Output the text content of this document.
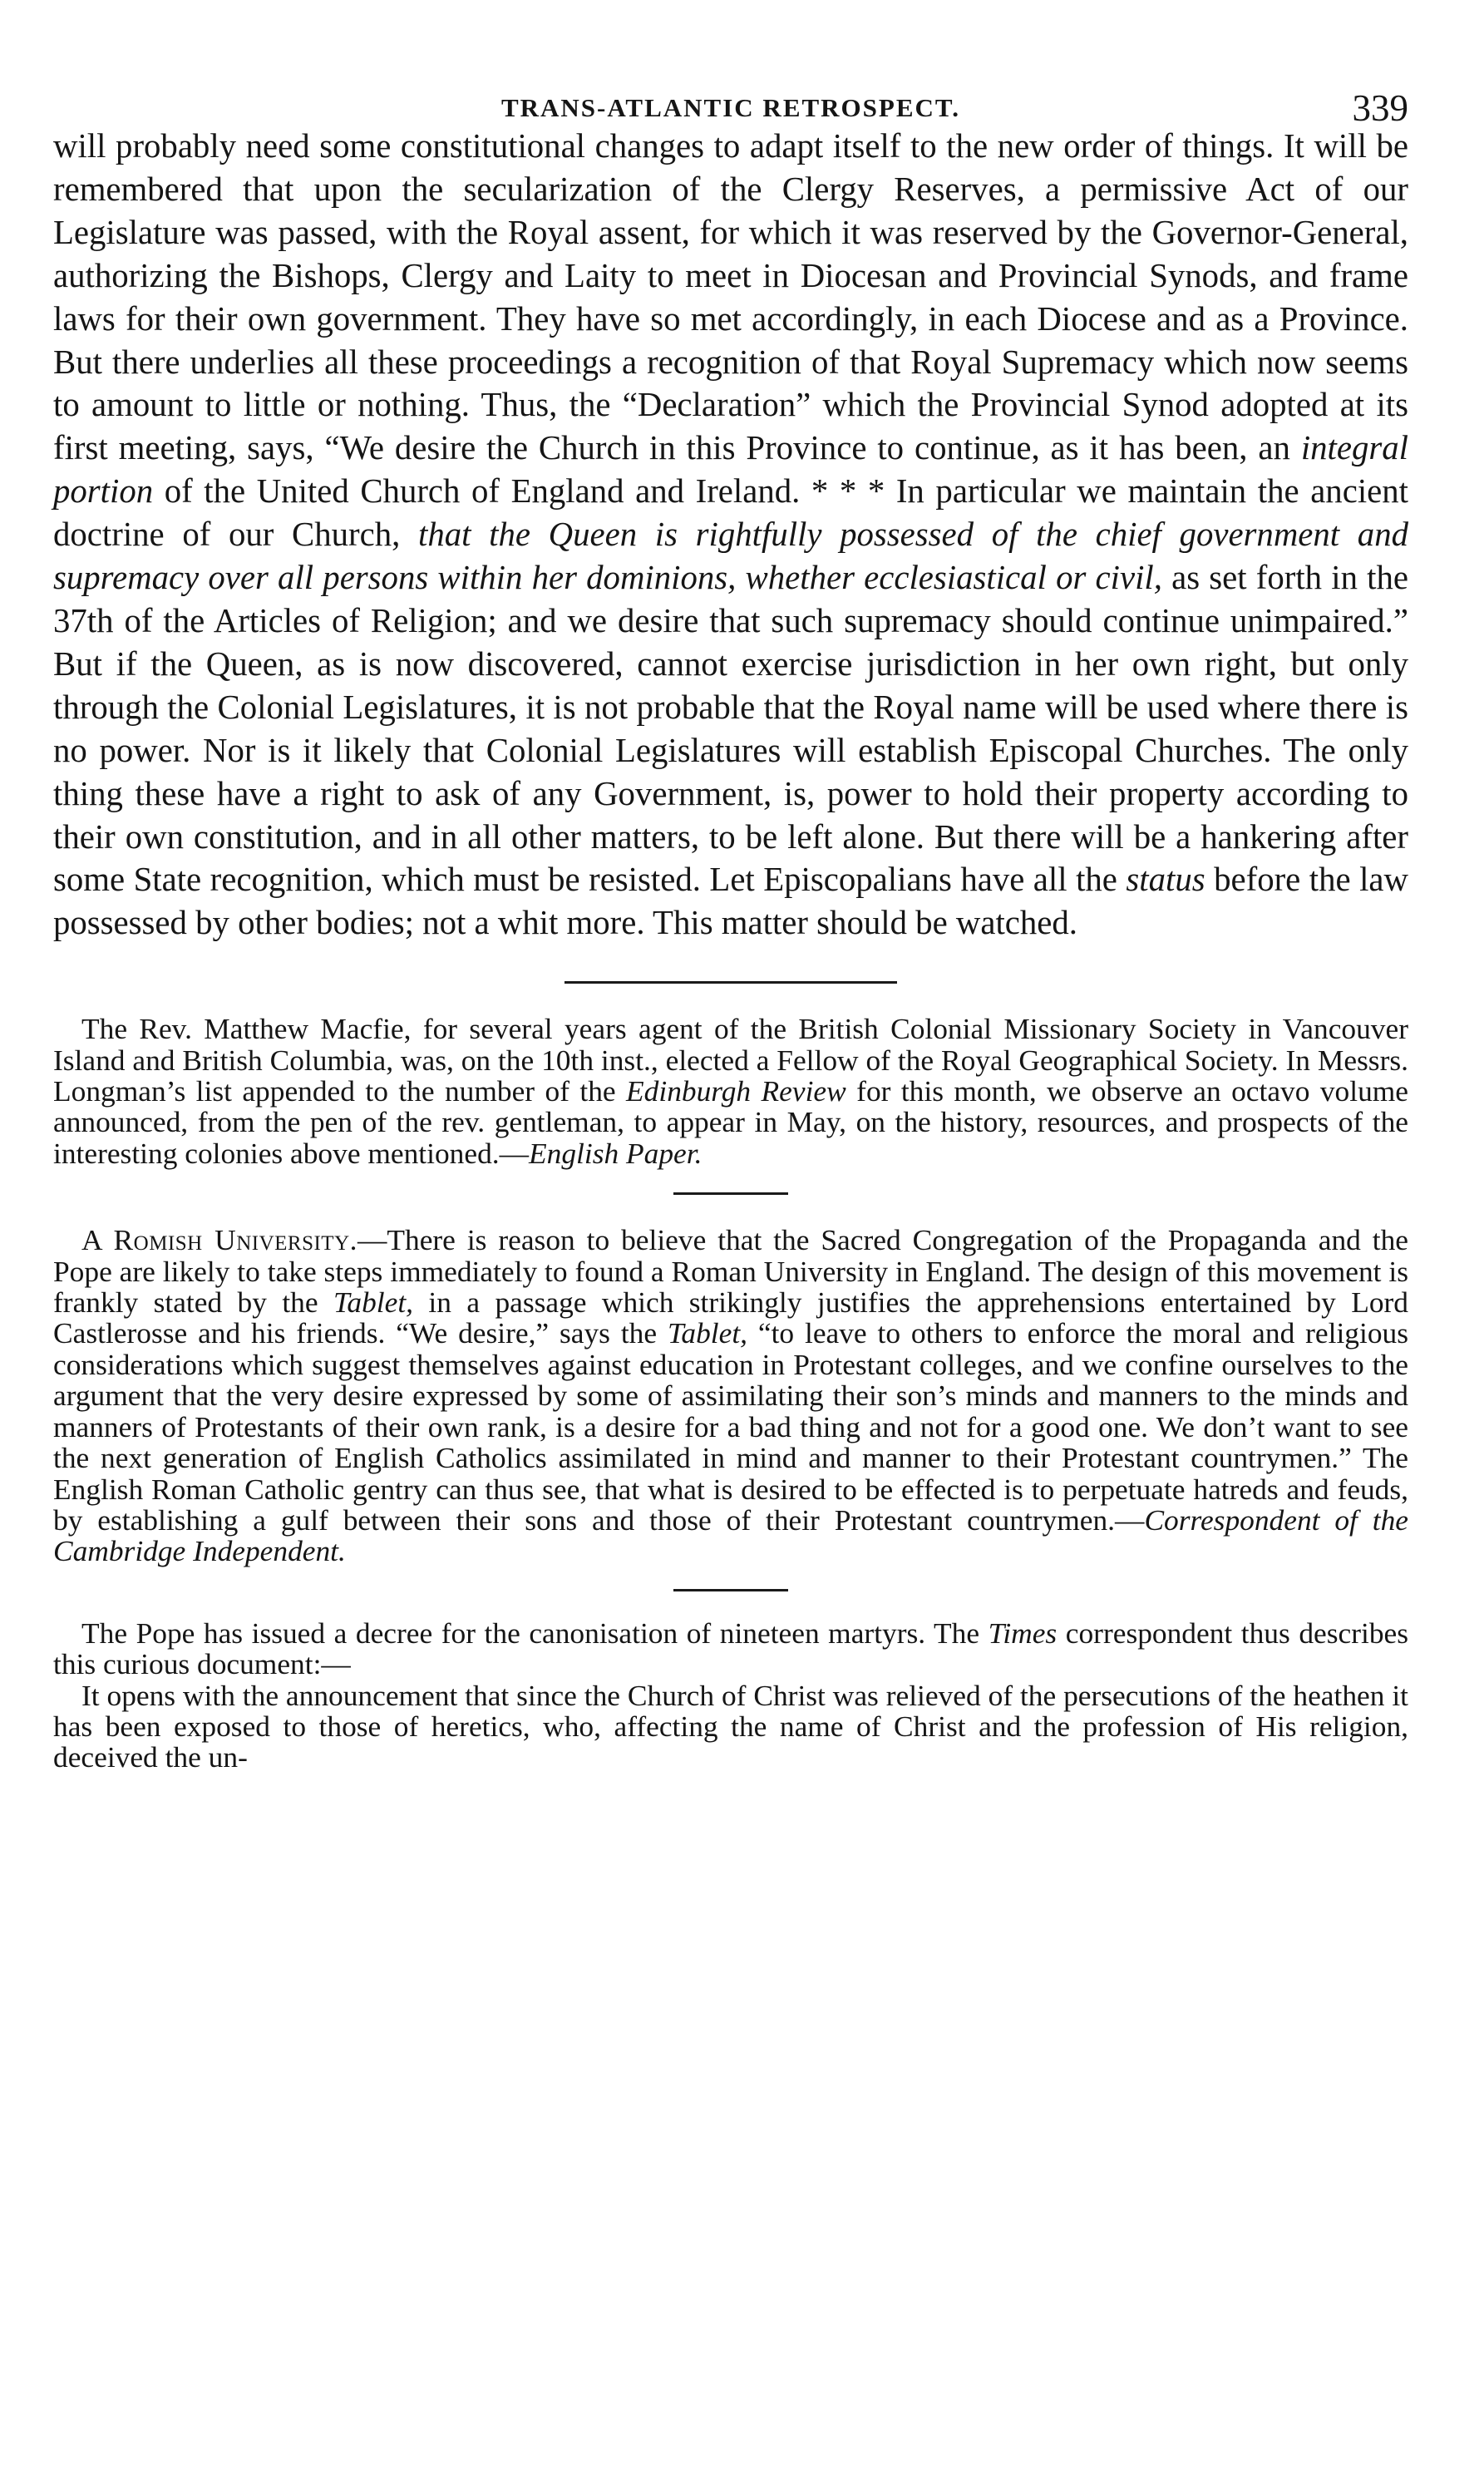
TRANS-ATLANTIC RETROSPECT.	339

will probably need some constitutional changes to adapt itself to the new order of things. It will be remembered that upon the secularization of the Clergy Reserves, a permissive Act of our Legislature was passed, with the Royal assent, for which it was reserved by the Governor-General, authorizing the Bishops, Clergy and Laity to meet in Diocesan and Provincial Synods, and frame laws for their own government. They have so met accordingly, in each Diocese and as a Province. But there underlies all these proceedings a recognition of that Royal Supremacy which now seems to amount to little or nothing. Thus, the “Declaration” which the Provincial Synod adopted at its first meeting, says, “We desire the Church in this Province to continue, as it has been, an integral portion of the United Church of England and Ireland. * * * In particular we maintain the ancient doctrine of our Church, that the Queen is rightfully possessed of the chief government and supremacy over all persons within her dominions, whether ecclesiastical or civil, as set forth in the 37th of the Articles of Religion; and we desire that such supremacy should continue unimpaired.” But if the Queen, as is now discovered, cannot exercise jurisdiction in her own right, but only through the Colonial Legislatures, it is not probable that the Royal name will be used where there is no power. Nor is it likely that Colonial Legislatures will establish Episcopal Churches. The only thing these have a right to ask of any Government, is, power to hold their property according to their own constitution, and in all other matters, to be left alone. But there will be a hankering after some State recognition, which must be resisted. Let Episcopalians have all the status before the law possessed by other bodies; not a whit more. This matter should be watched.

The Rev. Matthew Macfie, for several years agent of the British Colonial Missionary Society in Vancouver Island and British Columbia, was, on the 10th inst., elected a Fellow of the Royal Geographical Society. In Messrs. Longman’s list appended to the number of the Edinburgh Review for this month, we observe an octavo volume announced, from the pen of the rev. gentleman, to appear in May, on the history, resources, and prospects of the interesting colonies above mentioned.—English Paper.

A Romish University.—There is reason to believe that the Sacred Congregation of the Propaganda and the Pope are likely to take steps immediately to found a Roman University in England. The design of this movement is frankly stated by the Tablet, in a passage which strikingly justifies the apprehensions entertained by Lord Castlerosse and his friends. “We desire,” says the Tablet, “to leave to others to enforce the moral and religious considerations which suggest themselves against education in Protestant colleges, and we confine ourselves to the argument that the very desire expressed by some of assimilating their son’s minds and manners to the minds and manners of Protestants of their own rank, is a desire for a bad thing and not for a good one. We don’t want to see the next generation of English Catholics assimilated in mind and manner to their Protestant countrymen.” The English Roman Catholic gentry can thus see, that what is desired to be effected is to perpetuate hatreds and feuds, by establishing a gulf between their sons and those of their Protestant countrymen.—Correspondent of the Cambridge Independent.

The Pope has issued a decree for the canonisation of nineteen martyrs. The Times correspondent thus describes this curious document:—

It opens with the announcement that since the Church of Christ was relieved of the persecutions of the heathen it has been exposed to those of heretics, who, affecting the name of Christ and the profession of His religion, deceived the un-
